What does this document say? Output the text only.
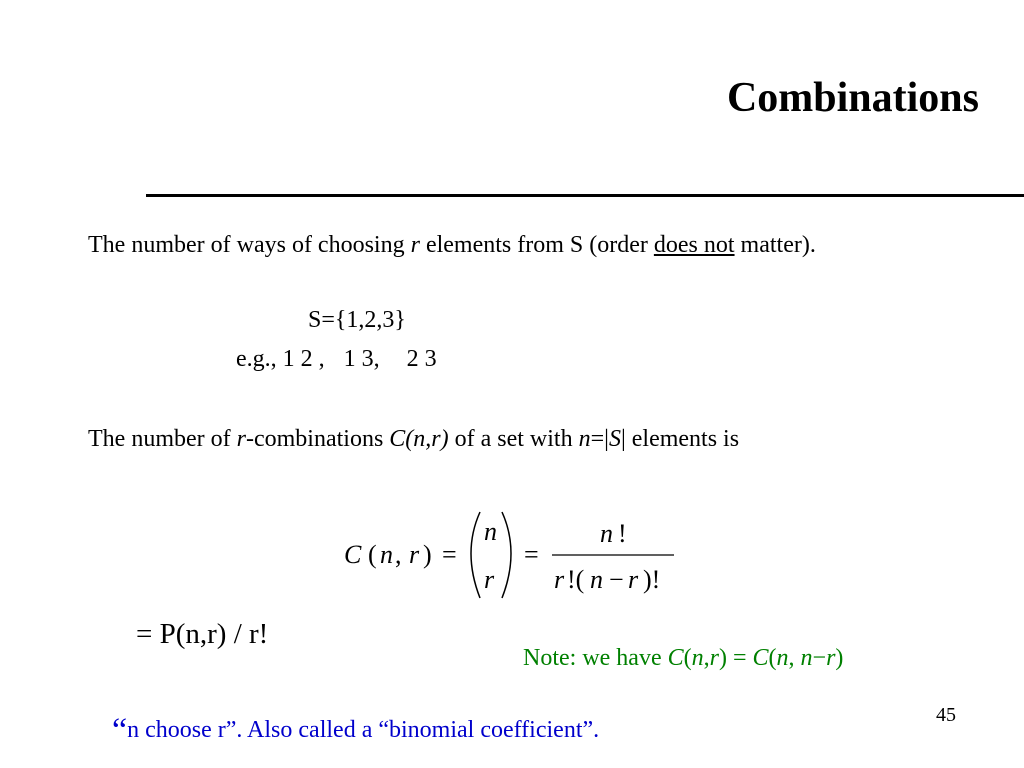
Combinations
The number of ways of choosing r elements from S (order does not matter).
S={1,2,3}
e.g., 1 2 , 1 3, 2 3
The number of r-combinations C(n,r) of a set with n=|S| elements is
C ( n , r ) =
n
r
=
n !
r !( n − r )!
= P(n,r) / r!
Note: we have C(n,r) = C(n, n−r)
“n choose r”. Also called a “binomial coefficient”.
45
